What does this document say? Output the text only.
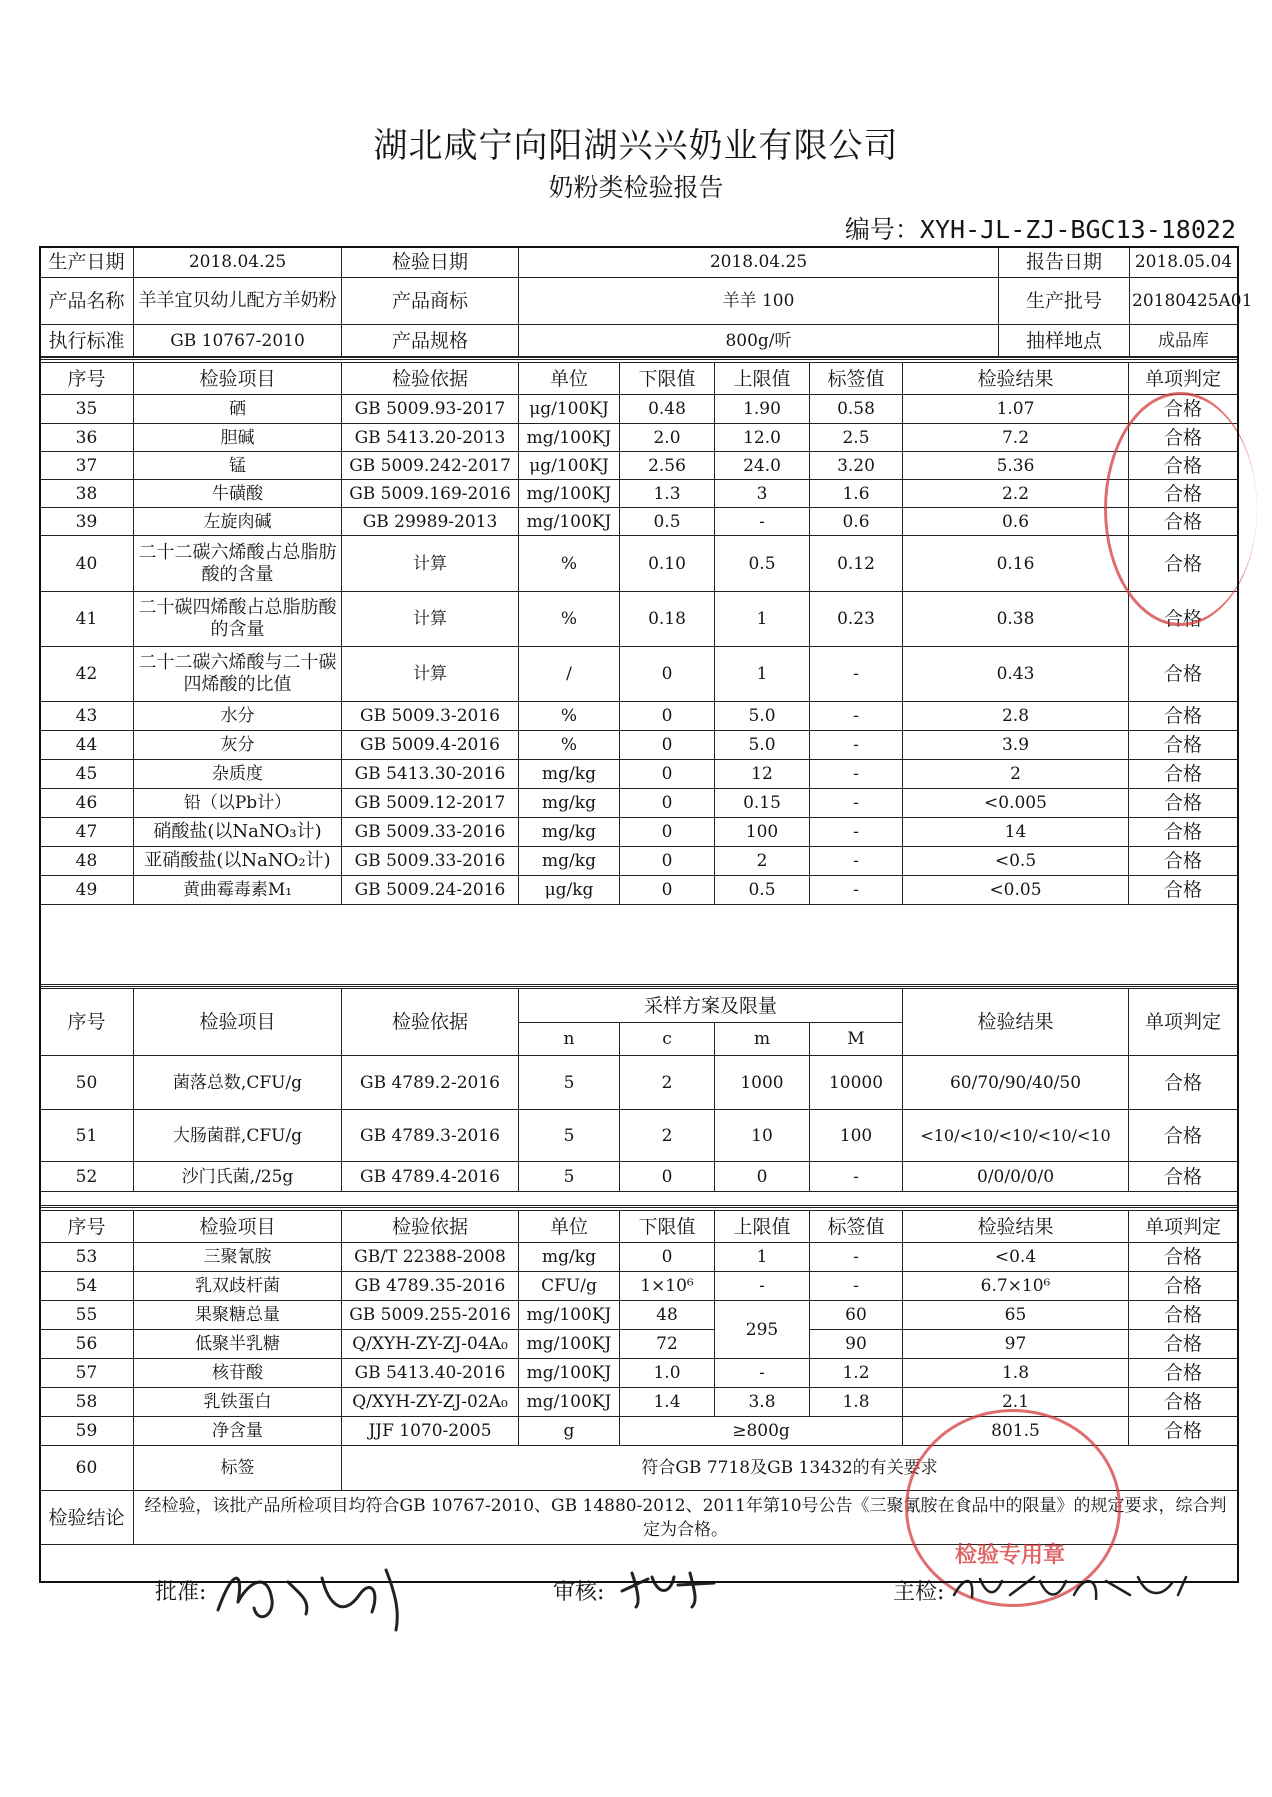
湖北咸宁向阳湖兴兴奶业有限公司
奶粉类检验报告
编号：XYH-JL-ZJ-BGC13-18022
生产日期	2018.04.25	检验日期	2018.04.25	报告日期	2018.05.04
产品名称	羊羊宜贝幼儿配方羊奶粉	产品商标	羊羊 100	生产批号	20180425A01
执行标准	GB 10767-2010	产品规格	800g/听	抽样地点	成品库
序号	检验项目	检验依据	单位	下限值	上限值	标签值	检验结果	单项判定
35	硒	GB 5009.93-2017	μg/100KJ	0.48	1.90	0.58	1.07	合格
36	胆碱	GB 5413.20-2013	mg/100KJ	2.0	12.0	2.5	7.2	合格
37	锰	GB 5009.242-2017	μg/100KJ	2.56	24.0	3.20	5.36	合格
38	牛磺酸	GB 5009.169-2016	mg/100KJ	1.3	3	1.6	2.2	合格
39	左旋肉碱	GB 29989-2013	mg/100KJ	0.5	-	0.6	0.6	合格
40	二十二碳六烯酸占总脂肪酸的含量	计算	%	0.10	0.5	0.12	0.16	合格
41	二十碳四烯酸占总脂肪酸的含量	计算	%	0.18	1	0.23	0.38	合格
42	二十二碳六烯酸与二十碳四烯酸的比值	计算	/	0	1	-	0.43	合格
43	水分	GB 5009.3-2016	%	0	5.0	-	2.8	合格
44	灰分	GB 5009.4-2016	%	0	5.0	-	3.9	合格
45	杂质度	GB 5413.30-2016	mg/kg	0	12	-	2	合格
46	铅（以Pb计）	GB 5009.12-2017	mg/kg	0	0.15	-	<0.005	合格
47	硝酸盐(以NaNO₃计)	GB 5009.33-2016	mg/kg	0	100	-	14	合格
48	亚硝酸盐(以NaNO₂计)	GB 5009.33-2016	mg/kg	0	2	-	<0.5	合格
49	黄曲霉毒素M₁	GB 5009.24-2016	μg/kg	0	0.5	-	<0.05	合格
序号	检验项目	检验依据	采样方案及限量				检验结果	单项判定
			n	c	m	M		
50	菌落总数,CFU/g	GB 4789.2-2016	5	2	1000	10000	60/70/90/40/50	合格
51	大肠菌群,CFU/g	GB 4789.3-2016	5	2	10	100	<10/<10/<10/<10/<10	合格
52	沙门氏菌,/25g	GB 4789.4-2016	5	0	0	-	0/0/0/0/0	合格
序号	检验项目	检验依据	单位	下限值	上限值	标签值	检验结果	单项判定	
53	三聚氰胺	GB/T 22388-2008	mg/kg	0	1	-	<0.4	合格	
54	乳双歧杆菌	GB 4789.35-2016	CFU/g	1×10⁶	-	-	6.7×10⁶	合格	
55	果聚糖总量	GB 5009.255-2016	mg/100KJ	48	295	60	65	合格	
56	低聚半乳糖	Q/XYH-ZY-ZJ-04A₀	mg/100KJ	72		90	97	合格	
57	核苷酸	GB 5413.40-2016	mg/100KJ	1.0	-	1.2	1.8	合格	
58	乳铁蛋白	Q/XYH-ZY-ZJ-02A₀	mg/100KJ	1.4	3.8	1.8	2.1	合格	
59	净含量	JJF 1070-2005	g	≥800g			801.5	合格	
60	标签	符合GB 7718及GB 13432的有关要求	
检验结论	经检验，该批产品所检项目均符合GB 10767-2010、GB 14880-2012、2011年第10号公告《三聚氰胺在食品中的限量》的规定要求，综合判定为合格。								
检验专用章
批准:	审核:	主检:
